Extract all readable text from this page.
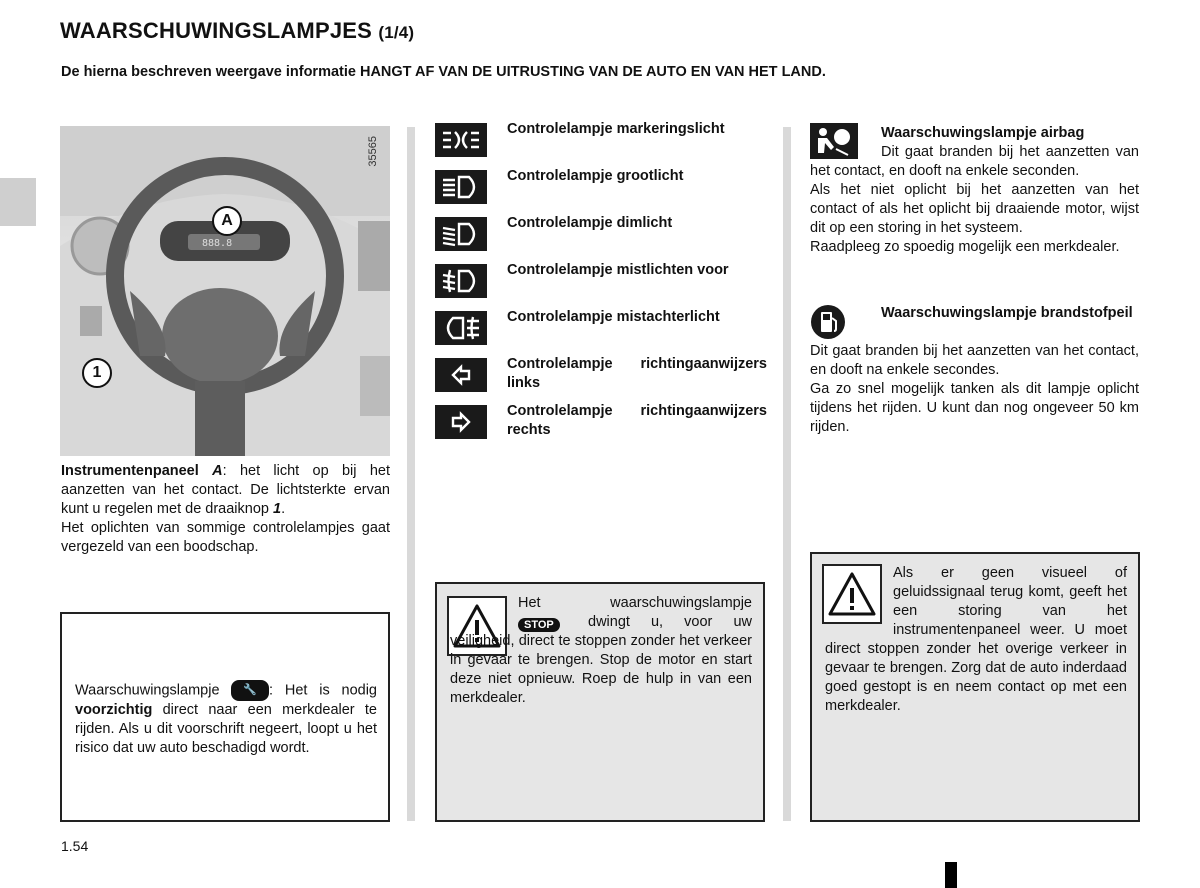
WAARSCHUWINGSLAMPJES (1/4)
De hierna beschreven weergave informatie HANGT AF VAN DE UITRUSTING VAN DE AUTO EN VAN HET LAND.
35565
A
1
888.8
Instrumentenpaneel A: het licht op bij het aanzetten van het contact. De lichtsterkte ervan kunt u regelen met de draaiknop 1.
Het oplichten van sommige controlelampjes gaat vergezeld van een boodschap.
Waarschuwingslampje 🔧 : Het is nodig voorzichtig direct naar een merkdealer te rijden. Als u dit voorschrift negeert, loopt u het risico dat uw auto beschadigd wordt.
Controlelampje markeringslicht
Controlelampje grootlicht
Controlelampje dimlicht
Controlelampje mistlichten voor
Controlelampje mistachterlicht
Controlelampje richtingaanwijzers links
Controlelampje richtingaanwijzers rechts
Het waarschuwingslampje
STOP	dwingt u, voor uw veiligheid, direct te stoppen zonder het verkeer in gevaar te brengen. Stop de motor en start deze niet opnieuw. Roep de hulp in van een merkdealer.
Waarschuwingslampje airbag
Dit gaat branden bij het aanzetten van het contact, en dooft na enkele seconden.
Als het niet oplicht bij het aanzetten van het contact of als het oplicht bij draaiende motor, wijst dit op een storing in het systeem.
Raadpleeg zo spoedig mogelijk een merkdealer.
Waarschuwingslampje brandstofpeil
Dit gaat branden bij het aanzetten van het contact, en dooft na enkele secondes.
Ga zo snel mogelijk tanken als dit lampje oplicht tijdens het rijden. U kunt dan nog ongeveer 50 km rijden.
Als er geen visueel of geluidssignaal terug komt, geeft het een storing van het instrumentenpaneel weer. U moet direct stoppen zonder het overige verkeer in gevaar te brengen. Zorg dat de auto inderdaad goed gestopt is en neem contact op met een merkdealer.
1.54
